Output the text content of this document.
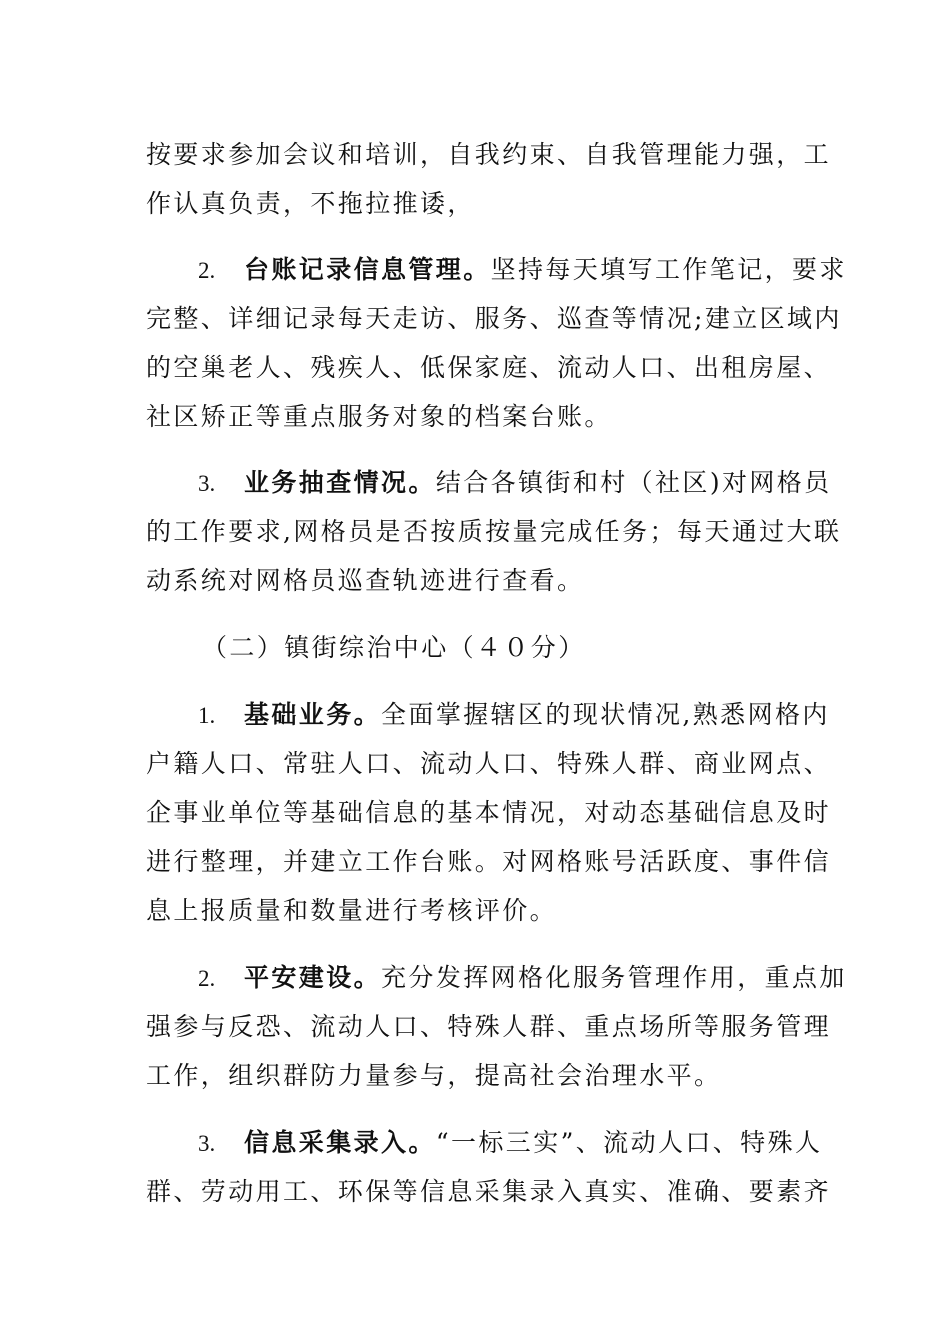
按要求参加会议和培训，自我约束、自我管理能力强，工
作认真负责，不拖拉推诿，
2. 台账记录信息管理。坚持每天填写工作笔记，要求
完整、详细记录每天走访、服务、巡查等情况;建立区域内
的空巢老人、残疾人、低保家庭、流动人口、出租房屋、
社区矫正等重点服务对象的档案台账。
3. 业务抽查情况。结合各镇街和村（社区)对网格员
的工作要求,网格员是否按质按量完成任务；每天通过大联
动系统对网格员巡查轨迹进行查看。
（二）镇街综治中心（４０分）
1. 基础业务。全面掌握辖区的现状情况,熟悉网格内
户籍人口、常驻人口、流动人口、特殊人群、商业网点、
企事业单位等基础信息的基本情况，对动态基础信息及时
进行整理，并建立工作台账。对网格账号活跃度、事件信
息上报质量和数量进行考核评价。
2. 平安建设。充分发挥网格化服务管理作用，重点加
强参与反恐、流动人口、特殊人群、重点场所等服务管理
工作，组织群防力量参与，提高社会治理水平。
3. 信息采集录入。“一标三实”、流动人口、特殊人
群、劳动用工、环保等信息采集录入真实、准确、要素齐
